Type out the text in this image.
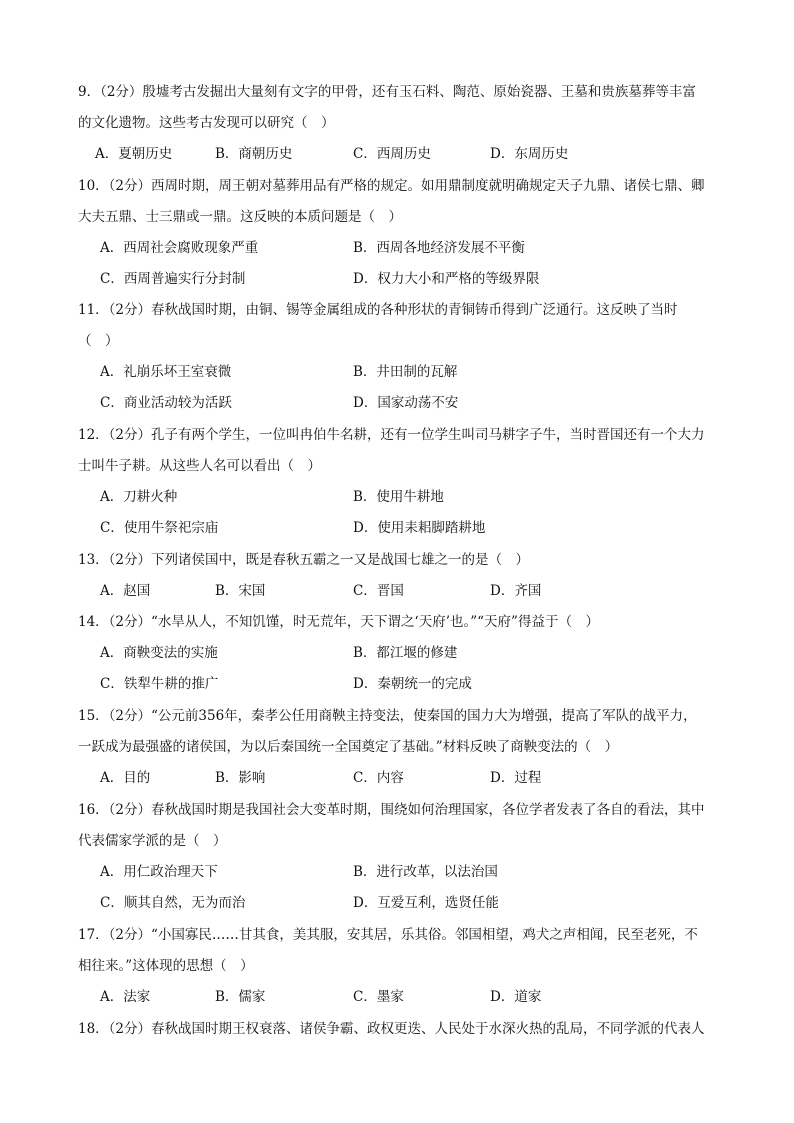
9．（2分）殷墟考古发掘出大量刻有文字的甲骨，还有玉石料、陶范、原始瓷器、王墓和贵族墓葬等丰富
的文化遗物。这些考古发现可以研究（　）
A．夏朝历史	B．商朝历史	C．西周历史	D．东周历史
10．（2分）西周时期，周王朝对墓葬用品有严格的规定。如用鼎制度就明确规定天子九鼎、诸侯七鼎、卿
大夫五鼎、士三鼎或一鼎。这反映的本质问题是（　）
A．西周社会腐败现象严重	B．西周各地经济发展不平衡
C．西周普遍实行分封制	D．权力大小和严格的等级界限
11．（2分）春秋战国时期，由铜、锡等金属组成的各种形状的青铜铸币得到广泛通行。这反映了当时
（　）
A．礼崩乐坏王室衰微	B．井田制的瓦解
C．商业活动较为活跃	D．国家动荡不安
12．（2分）孔子有两个学生，一位叫冉伯牛名耕，还有一位学生叫司马耕字子牛，当时晋国还有一个大力
士叫牛子耕。从这些人名可以看出（　）
A．刀耕火种	B．使用牛耕地
C．使用牛祭祀宗庙	D．使用耒耜脚踏耕地
13．（2分）下列诸侯国中，既是春秋五霸之一又是战国七雄之一的是（　）
A．赵国	B．宋国	C．晋国	D．齐国
14．（2分）“水旱从人，不知饥馑，时无荒年，天下谓之‘天府’也。”“天府”得益于（　）
A．商鞅变法的实施	B．都江堰的修建
C．铁犁牛耕的推广	D．秦朝统一的完成
15．（2分）“公元前356年，秦孝公任用商鞅主持变法，使秦国的国力大为增强，提高了军队的战平力，
一跃成为最强盛的诸侯国，为以后秦国统一全国奠定了基础。”材料反映了商鞅变法的（　）
A．目的	B．影响	C．内容	D．过程
16．（2分）春秋战国时期是我国社会大变革时期，围绕如何治理国家，各位学者发表了各自的看法，其中
代表儒家学派的是（　）
A．用仁政治理天下	B．进行改革，以法治国
C．顺其自然，无为而治	D．互爱互利，选贤任能
17．（2分）“小国寡民……甘其食，美其服，安其居，乐其俗。邻国相望，鸡犬之声相闻，民至老死，不
相往来。”这体现的思想（　）
A．法家	B．儒家	C．墨家	D．道家
18．（2分）春秋战国时期王权衰落、诸侯争霸、政权更迭、人民处于水深火热的乱局，不同学派的代表人
